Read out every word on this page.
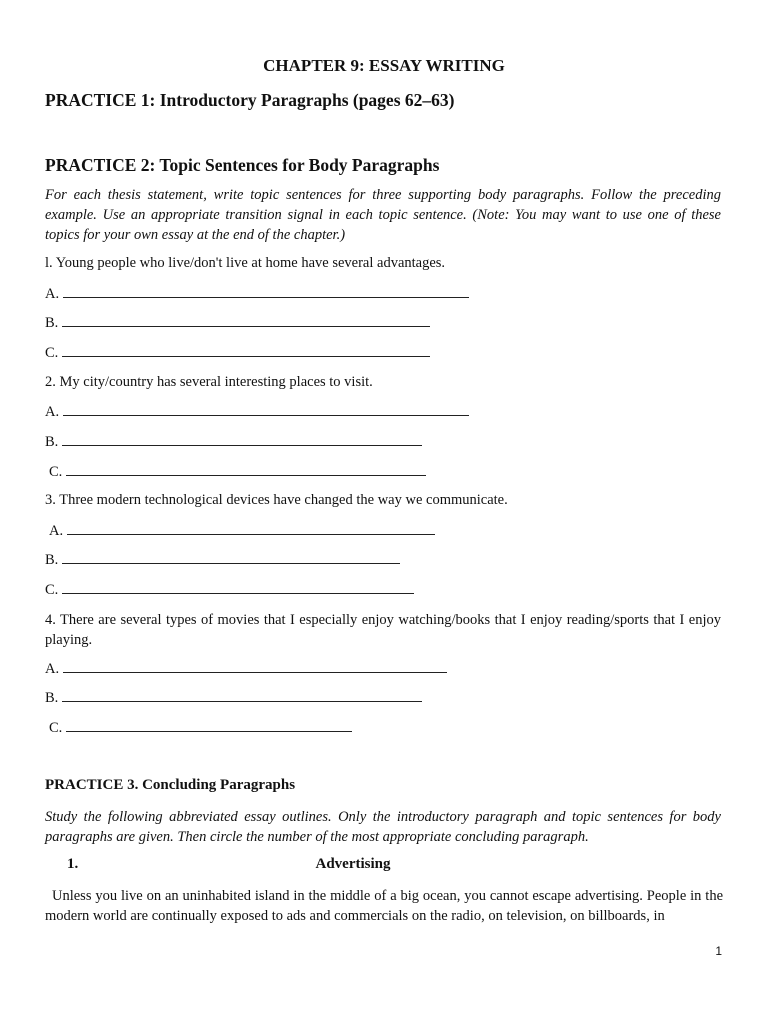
CHAPTER 9: ESSAY WRITING
PRACTICE 1: Introductory Paragraphs (pages 62–63)
PRACTICE 2: Topic Sentences for Body Paragraphs
For each thesis statement, write topic sentences for three supporting body paragraphs. Follow the preceding example. Use an appropriate transition signal in each topic sentence. (Note: You may want to use one of these topics for your own essay at the end of the chapter.)
l. Young people who live/don't live at home have several advantages.
A.
B.
C.
2. My city/country has several interesting places to visit.
A.
B.
C.
3. Three modern technological devices have changed the way we communicate.
A.
B.
C.
4. There are several types of movies that I especially enjoy watching/books that I enjoy reading/sports that I enjoy playing.
A.
B.
C.
PRACTICE 3. Concluding Paragraphs
Study the following abbreviated essay outlines. Only the introductory paragraph and topic sentences for body paragraphs are given. Then circle the number of the most appropriate concluding paragraph.
1.	Advertising
Unless you live on an uninhabited island in the middle of a big ocean, you cannot escape advertising. People in the modern world are continually exposed to ads and commercials on the radio, on television, on billboards, in
1
